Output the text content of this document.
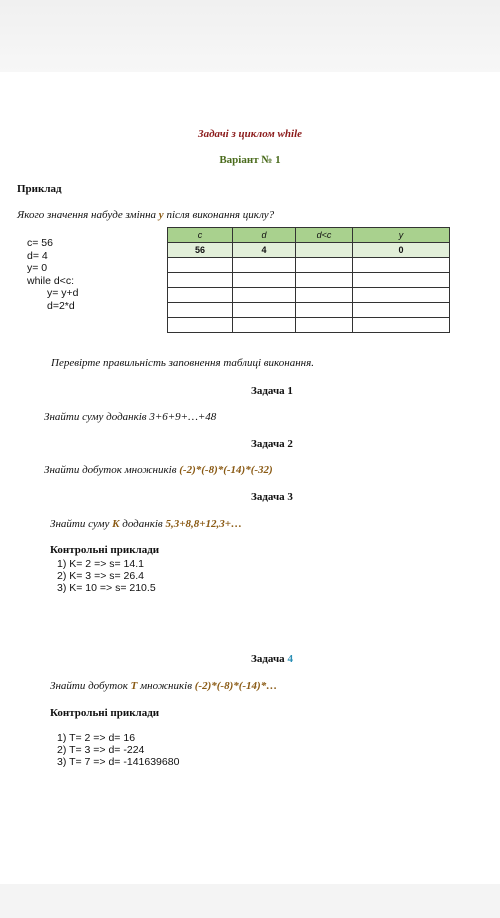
Задачі з циклом while
Варіант № 1
Приклад
Якого значення набуде змінна y після виконання циклу?
c= 56
d= 4
y= 0
while d<c:
y= y+d
d=2*d
c	d	d<c	y
56	4		0

Перевірте правильність заповнення таблиці виконання.
Задача 1
Знайти суму доданків 3+6+9+…+48
Задача 2
Знайти добуток множників (-2)*(-8)*(-14)*(-32)
Задача 3
Знайти суму K доданків 5,3+8,8+12,3+…
Контрольні приклади
1) K= 2 => s= 14.1
2) K= 3 => s= 26.4
3) K= 10 => s= 210.5
Задача 4
Знайти добуток T множників (-2)*(-8)*(-14)*…
Контрольні приклади
1) T= 2 => d= 16
2) T= 3 => d= -224
3) T= 7 => d= -141639680
